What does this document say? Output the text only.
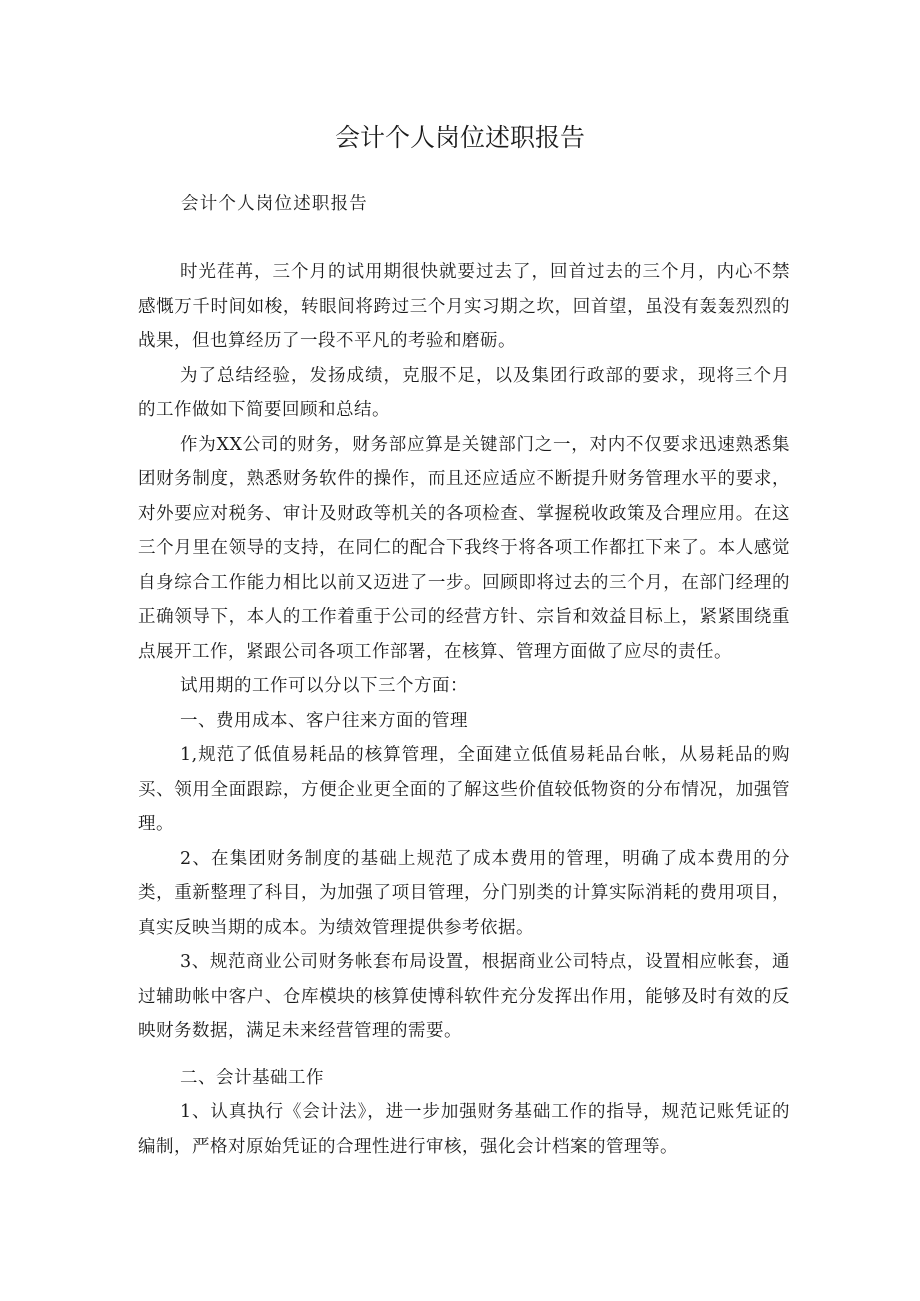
会计个人岗位述职报告

会计个人岗位述职报告

时光荏苒，三个月的试用期很快就要过去了，回首过去的三个月，内心不禁感慨万千时间如梭，转眼间将跨过三个月实习期之坎，回首望，虽没有轰轰烈烈的战果，但也算经历了一段不平凡的考验和磨砺。

为了总结经验，发扬成绩，克服不足，以及集团行政部的要求，现将三个月的工作做如下简要回顾和总结。

作为XX公司的财务，财务部应算是关键部门之一，对内不仅要求迅速熟悉集团财务制度，熟悉财务软件的操作，而且还应适应不断提升财务管理水平的要求，对外要应对税务、审计及财政等机关的各项检查、掌握税收政策及合理应用。在这三个月里在领导的支持，在同仁的配合下我终于将各项工作都扛下来了。本人感觉自身综合工作能力相比以前又迈进了一步。回顾即将过去的三个月，在部门经理的正确领导下，本人的工作着重于公司的经营方针、宗旨和效益目标上，紧紧围绕重点展开工作，紧跟公司各项工作部署，在核算、管理方面做了应尽的责任。

试用期的工作可以分以下三个方面：

一、费用成本、客户往来方面的管理

1,规范了低值易耗品的核算管理，全面建立低值易耗品台帐，从易耗品的购买、领用全面跟踪，方便企业更全面的了解这些价值较低物资的分布情况，加强管理。

2、在集团财务制度的基础上规范了成本费用的管理，明确了成本费用的分类，重新整理了科目，为加强了项目管理，分门别类的计算实际消耗的费用项目，真实反映当期的成本。为绩效管理提供参考依据。

3、规范商业公司财务帐套布局设置，根据商业公司特点，设置相应帐套，通过辅助帐中客户、仓库模块的核算使博科软件充分发挥出作用，能够及时有效的反映财务数据，满足未来经营管理的需要。

二、会计基础工作

1、认真执行《会计法》，进一步加强财务基础工作的指导，规范记账凭证的编制，严格对原始凭证的合理性进行审核，强化会计档案的管理等。
